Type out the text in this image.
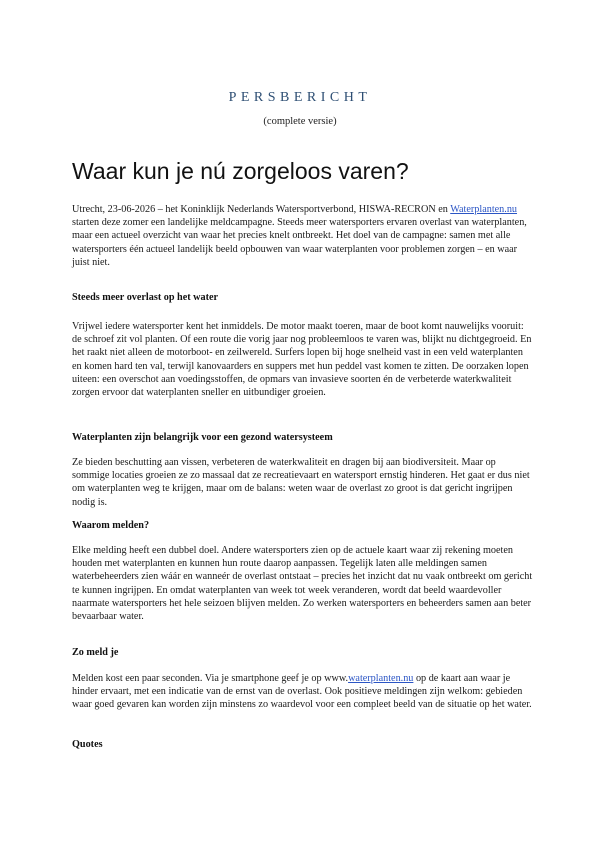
PERSBERICHT
(complete versie)
Waar kun je nú zorgeloos varen?

Utrecht, 23-06-2026 – het Koninklijk Nederlands Watersportverbond, HISWA-RECRON en Waterplanten.nu starten deze zomer een landelijke meldcampagne. Steeds meer watersporters ervaren overlast van waterplanten, maar een actueel overzicht van waar het precies knelt ontbreekt. Het doel van de campagne: samen met alle watersporters één actueel landelijk beeld opbouwen van waar waterplanten voor problemen zorgen – en waar juist niet.

Steeds meer overlast op het water

Vrijwel iedere watersporter kent het inmiddels. De motor maakt toeren, maar de boot komt nauwelijks vooruit: de schroef zit vol planten. Of een route die vorig jaar nog probleemloos te varen was, blijkt nu dichtgegroeid. En het raakt niet alleen de motorboot- en zeilwereld. Surfers lopen bij hoge snelheid vast in een veld waterplanten en komen hard ten val, terwijl kanovaarders en suppers met hun peddel vast komen te zitten. De oorzaken lopen uiteen: een overschot aan voedingsstoffen, de opmars van invasieve soorten én de verbeterde waterkwaliteit zorgen ervoor dat waterplanten sneller en uitbundiger groeien.

Waterplanten zijn belangrijk voor een gezond watersysteem

Ze bieden beschutting aan vissen, verbeteren de waterkwaliteit en dragen bij aan biodiversiteit. Maar op sommige locaties groeien ze zo massaal dat ze recreatievaart en watersport ernstig hinderen. Het gaat er dus niet om waterplanten weg te krijgen, maar om de balans: weten waar de overlast zo groot is dat gericht ingrijpen nodig is.

Waarom melden?

Elke melding heeft een dubbel doel. Andere watersporters zien op de actuele kaart waar zij rekening moeten houden met waterplanten en kunnen hun route daarop aanpassen. Tegelijk laten alle meldingen samen waterbeheerders zien wáár en wanneér de overlast ontstaat – precies het inzicht dat nu vaak ontbreekt om gericht te kunnen ingrijpen. En omdat waterplanten van week tot week veranderen, wordt dat beeld waardevoller naarmate watersporters het hele seizoen blijven melden. Zo werken watersporters en beheerders samen aan beter bevaarbaar water.

Zo meld je

Melden kost een paar seconden. Via je smartphone geef je op www.waterplanten.nu op de kaart aan waar je hinder ervaart, met een indicatie van de ernst van de overlast. Ook positieve meldingen zijn welkom: gebieden waar goed gevaren kan worden zijn minstens zo waardevol voor een compleet beeld van de situatie op het water.

Quotes
